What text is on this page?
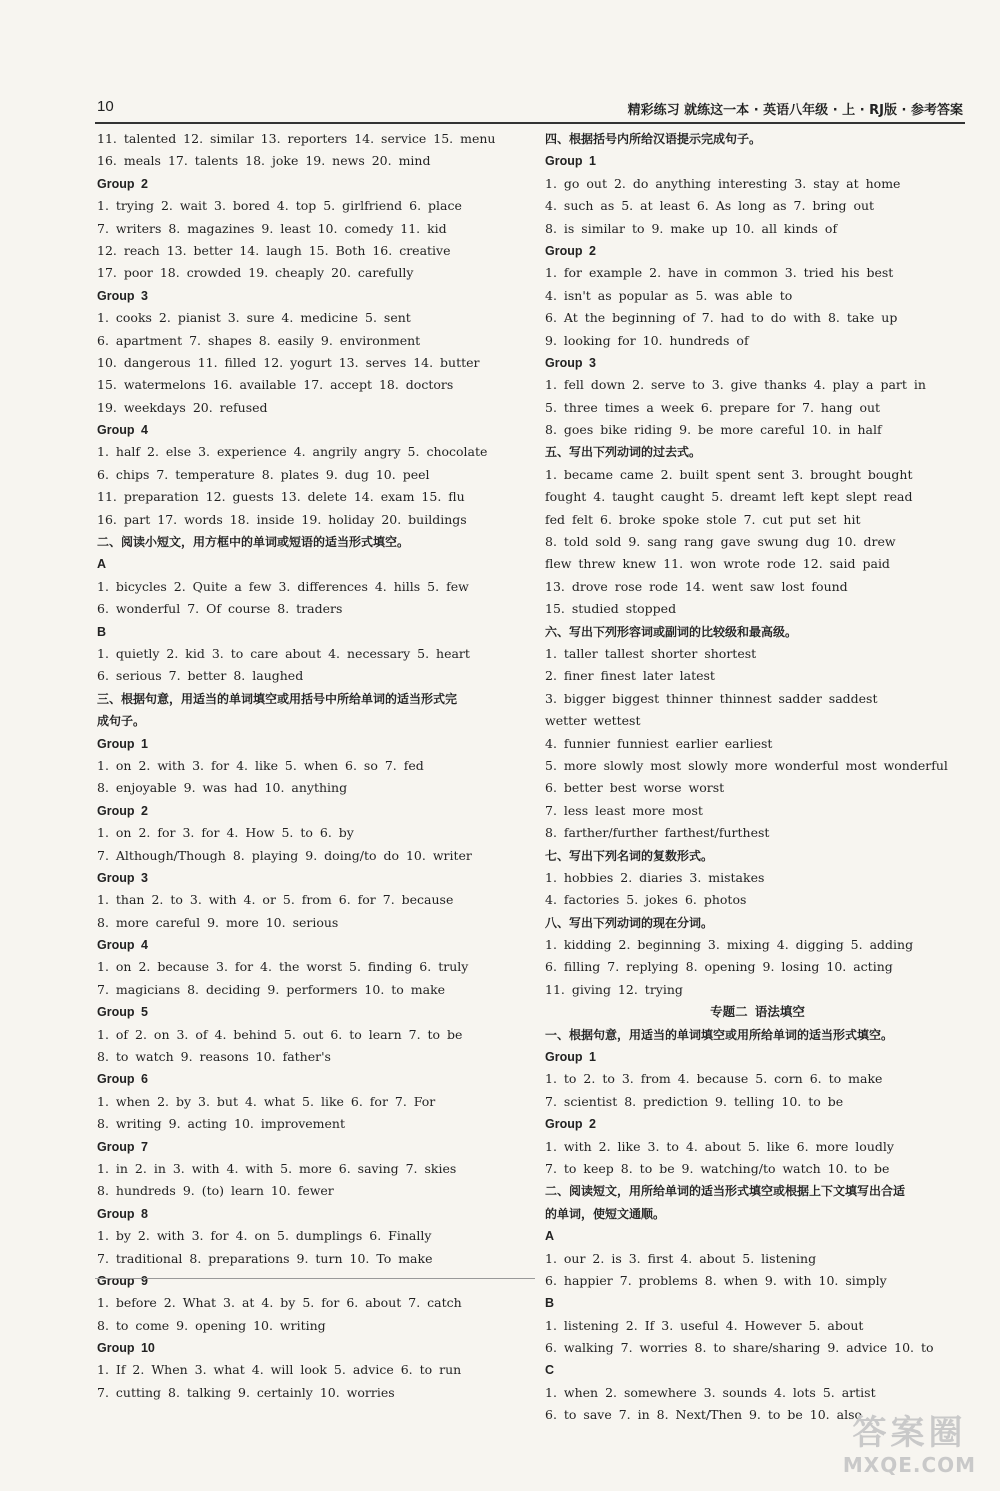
10	精彩练习 就练这一本 · 英语八年级 · 上 · RJ版 · 参考答案
11. talented 12. similar 13. reporters 14. service 15. menu
16. meals 17. talents 18. joke 19. news 20. mind
Group 2
1. trying 2. wait 3. bored 4. top 5. girlfriend 6. place
7. writers 8. magazines 9. least 10. comedy 11. kid
12. reach 13. better 14. laugh 15. Both 16. creative
17. poor 18. crowded 19. cheaply 20. carefully
Group 3
1. cooks 2. pianist 3. sure 4. medicine 5. sent
6. apartment 7. shapes 8. easily 9. environment
10. dangerous 11. filled 12. yogurt 13. serves 14. butter
15. watermelons 16. available 17. accept 18. doctors
19. weekdays 20. refused
Group 4
1. half 2. else 3. experience 4. angrily angry 5. chocolate
6. chips 7. temperature 8. plates 9. dug 10. peel
11. preparation 12. guests 13. delete 14. exam 15. flu
16. part 17. words 18. inside 19. holiday 20. buildings
二、阅读小短文，用方框中的单词或短语的适当形式填空。
A
1. bicycles 2. Quite a few 3. differences 4. hills 5. few
6. wonderful 7. Of course 8. traders
B
1. quietly 2. kid 3. to care about 4. necessary 5. heart
6. serious 7. better 8. laughed
三、根据句意，用适当的单词填空或用括号中所给单词的适当形式完
成句子。
Group 1
1. on 2. with 3. for 4. like 5. when 6. so 7. fed
8. enjoyable 9. was had 10. anything
Group 2
1. on 2. for 3. for 4. How 5. to 6. by
7. Although/Though 8. playing 9. doing/to do 10. writer
Group 3
1. than 2. to 3. with 4. or 5. from 6. for 7. because
8. more careful 9. more 10. serious
Group 4
1. on 2. because 3. for 4. the worst 5. finding 6. truly
7. magicians 8. deciding 9. performers 10. to make
Group 5
1. of 2. on 3. of 4. behind 5. out 6. to learn 7. to be
8. to watch 9. reasons 10. father's
Group 6
1. when 2. by 3. but 4. what 5. like 6. for 7. For
8. writing 9. acting 10. improvement
Group 7
1. in 2. in 3. with 4. with 5. more 6. saving 7. skies
8. hundreds 9. (to) learn 10. fewer
Group 8
1. by 2. with 3. for 4. on 5. dumplings 6. Finally
7. traditional 8. preparations 9. turn 10. To make
Group 9
1. before 2. What 3. at 4. by 5. for 6. about 7. catch
8. to come 9. opening 10. writing
Group 10
1. If 2. When 3. what 4. will look 5. advice 6. to run
7. cutting 8. talking 9. certainly 10. worries
四、根据括号内所给汉语提示完成句子。
Group 1
1. go out 2. do anything interesting 3. stay at home
4. such as 5. at least 6. As long as 7. bring out
8. is similar to 9. make up 10. all kinds of
Group 2
1. for example 2. have in common 3. tried his best
4. isn't as popular as 5. was able to
6. At the beginning of 7. had to do with 8. take up
9. looking for 10. hundreds of
Group 3
1. fell down 2. serve to 3. give thanks 4. play a part in
5. three times a week 6. prepare for 7. hang out
8. goes bike riding 9. be more careful 10. in half
五、写出下列动词的过去式。
1. became came 2. built spent sent 3. brought bought
fought 4. taught caught 5. dreamt left kept slept read
fed felt 6. broke spoke stole 7. cut put set hit
8. told sold 9. sang rang gave swung dug 10. drew
flew threw knew 11. won wrote rode 12. said paid
13. drove rose rode 14. went saw lost found
15. studied stopped
六、写出下列形容词或副词的比较级和最高级。
1. taller tallest shorter shortest
2. finer finest later latest
3. bigger biggest thinner thinnest sadder saddest
wetter wettest
4. funnier funniest earlier earliest
5. more slowly most slowly more wonderful most wonderful
6. better best worse worst
7. less least more most
8. farther/further farthest/furthest
七、写出下列名词的复数形式。
1. hobbies 2. diaries 3. mistakes
4. factories 5. jokes 6. photos
八、写出下列动词的现在分词。
1. kidding 2. beginning 3. mixing 4. digging 5. adding
6. filling 7. replying 8. opening 9. losing 10. acting
11. giving 12. trying
专题二 语法填空
一、根据句意，用适当的单词填空或用所给单词的适当形式填空。
Group 1
1. to 2. to 3. from 4. because 5. corn 6. to make
7. scientist 8. prediction 9. telling 10. to be
Group 2
1. with 2. like 3. to 4. about 5. like 6. more loudly
7. to keep 8. to be 9. watching/to watch 10. to be
二、阅读短文，用所给单词的适当形式填空或根据上下文填写出合适
的单词，使短文通顺。
A
1. our 2. is 3. first 4. about 5. listening
6. happier 7. problems 8. when 9. with 10. simply
B
1. listening 2. If 3. useful 4. However 5. about
6. walking 7. worries 8. to share/sharing 9. advice 10. to
C
1. when 2. somewhere 3. sounds 4. lots 5. artist
6. to save 7. in 8. Next/Then 9. to be 10. also
答案圈
MXQE.COM
